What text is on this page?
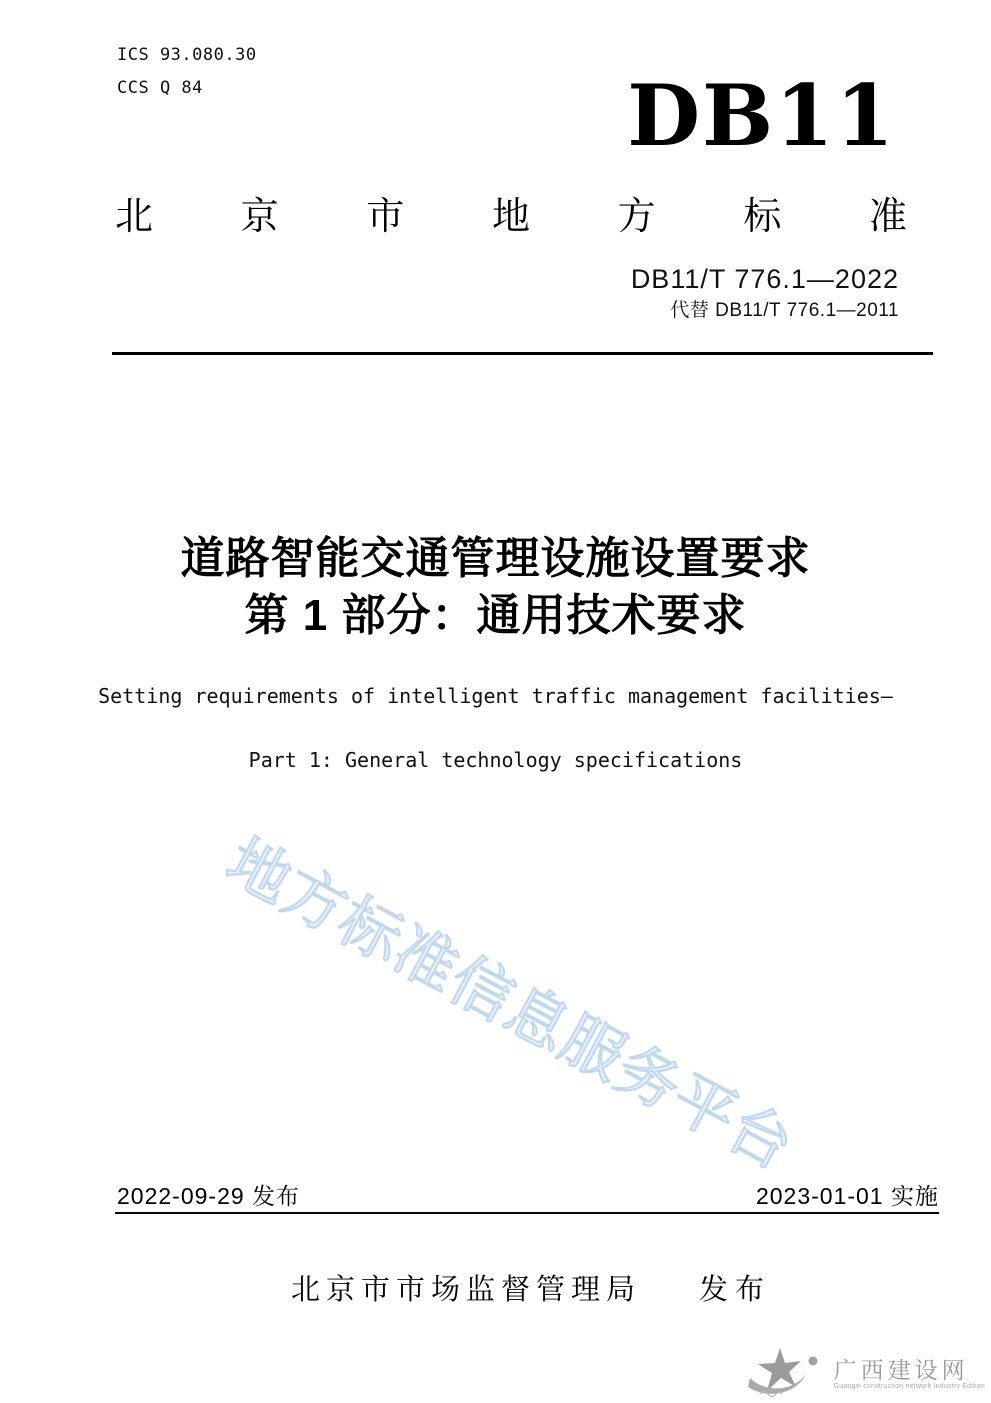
ICS 93.080.30
CCS Q 84	DB11
北京市地方标准
DB11/T 776.1—2022
代替 DB11/T 776.1—2011
道路智能交通管理设施设置要求
第 1 部分：通用技术要求
Setting requirements of intelligent traffic management facilities—
Part 1: General technology specifications
地方标准信息服务平台
2022-09-29 发布	2023-01-01 实施
北京市市场监督管理局 发布
广西建设网
Guangxi construction network Industry Edition
